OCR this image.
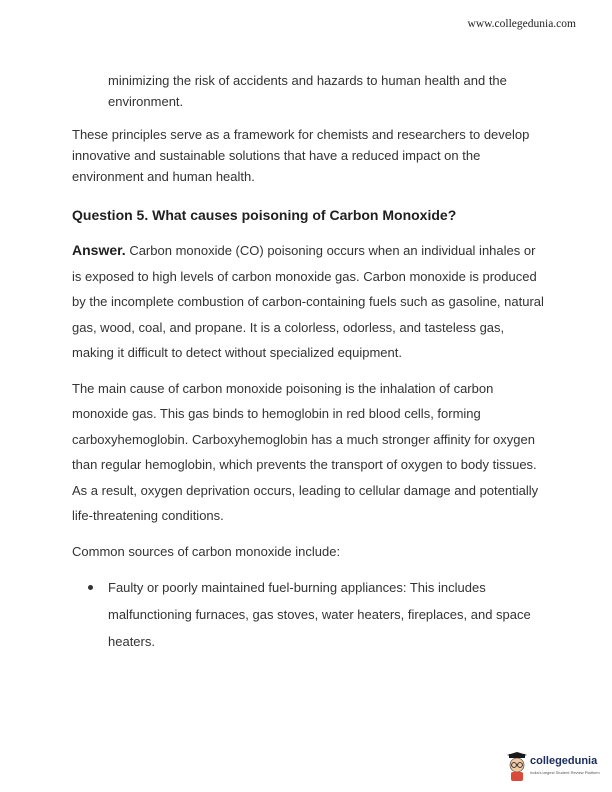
www.collegedunia.com

minimizing the risk of accidents and hazards to human health and the environment.

These principles serve as a framework for chemists and researchers to develop innovative and sustainable solutions that have a reduced impact on the environment and human health.

Question 5. What causes poisoning of Carbon Monoxide?

Answer. Carbon monoxide (CO) poisoning occurs when an individual inhales or is exposed to high levels of carbon monoxide gas. Carbon monoxide is produced by the incomplete combustion of carbon-containing fuels such as gasoline, natural gas, wood, coal, and propane. It is a colorless, odorless, and tasteless gas, making it difficult to detect without specialized equipment.

The main cause of carbon monoxide poisoning is the inhalation of carbon monoxide gas. This gas binds to hemoglobin in red blood cells, forming carboxyhemoglobin. Carboxyhemoglobin has a much stronger affinity for oxygen than regular hemoglobin, which prevents the transport of oxygen to body tissues. As a result, oxygen deprivation occurs, leading to cellular damage and potentially life-threatening conditions.

Common sources of carbon monoxide include:

Faulty or poorly maintained fuel-burning appliances: This includes malfunctioning furnaces, gas stoves, water heaters, fireplaces, and space heaters.
collegedunia
India's largest Student Review Platform
